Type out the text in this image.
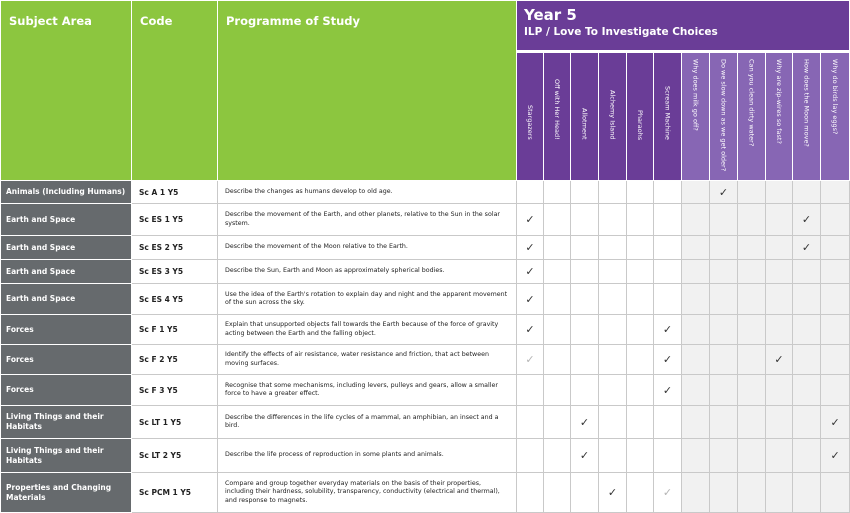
Subject Area	Code	Programme of Study	Year 5
ILP / Love To Investigate Choices											

			Stargazers	Off with Her Head!	Allotment	Alchemy Island	Pharaohs	Scream Machine	Why does milk go off?	Do we slow down as we get older?	Can you clean dirty water?	Why are zip-wires so fast?	How does the Moon move?	Why do birds lay eggs?

Animals (Including Humans)	Sc A 1 Y5	Describe the changes as humans develop to old age.								✓				
Earth and Space	Sc ES 1 Y5	Describe the movement of the Earth, and other planets, relative to the Sun in the solar system.	✓										✓	
Earth and Space	Sc ES 2 Y5	Describe the movement of the Moon relative to the Earth.	✓										✓	
Earth and Space	Sc ES 3 Y5	Describe the Sun, Earth and Moon as approximately spherical bodies.	✓											
Earth and Space	Sc ES 4 Y5	Use the idea of the Earth's rotation to explain day and night and the apparent movement of the sun across the sky.	✓											
Forces	Sc F 1 Y5	Explain that unsupported objects fall towards the Earth because of the force of gravity acting between the Earth and the falling object.	✓					✓						
Forces	Sc F 2 Y5	Identify the effects of air resistance, water resistance and friction, that act between moving surfaces.	✓					✓				✓		
Forces	Sc F 3 Y5	Recognise that some mechanisms, including levers, pulleys and gears, allow a smaller force to have a greater effect.						✓						
Living Things and their Habitats	Sc LT 1 Y5	Describe the differences in the life cycles of a mammal, an amphibian, an insect and a bird.			✓									✓
Living Things and their Habitats	Sc LT 2 Y5	Describe the life process of reproduction in some plants and animals.			✓									✓
Properties and Changing Materials	Sc PCM 1 Y5	Compare and group together everyday materials on the basis of their properties, including their hardness, solubility, transparency, conductivity (electrical and thermal), and response to magnets.				✓		✓						
